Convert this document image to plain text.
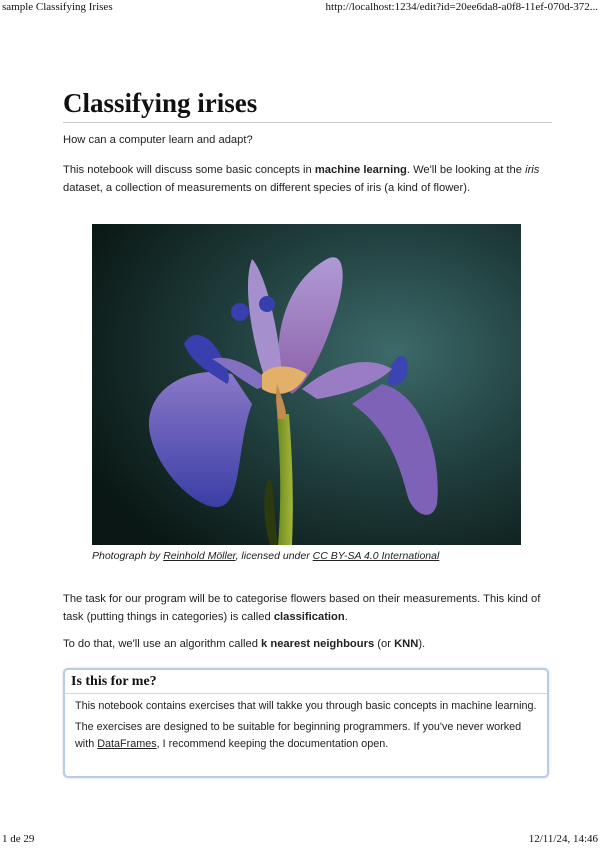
sample Classifying Irises	http://localhost:1234/edit?id=20ee6da8-a0f8-11ef-070d-372...
Classifying irises

How can a computer learn and adapt?

This notebook will discuss some basic concepts in machine learning. We'll be looking at the iris dataset, a collection of measurements on different species of iris (a kind of flower).

Photograph by Reinhold Möller, licensed under CC BY-SA 4.0 International

The task for our program will be to categorise flowers based on their measurements. This kind of task (putting things in categories) is called classification.

To do that, we'll use an algorithm called k nearest neighbours (or KNN).

Is this for me?

This notebook contains exercises that will takke you through basic concepts in machine learning.

The exercises are designed to be suitable for beginning programmers. If you've never worked with DataFrames, I recommend keeping the documentation open.

1 de 29	12/11/24, 14:46
